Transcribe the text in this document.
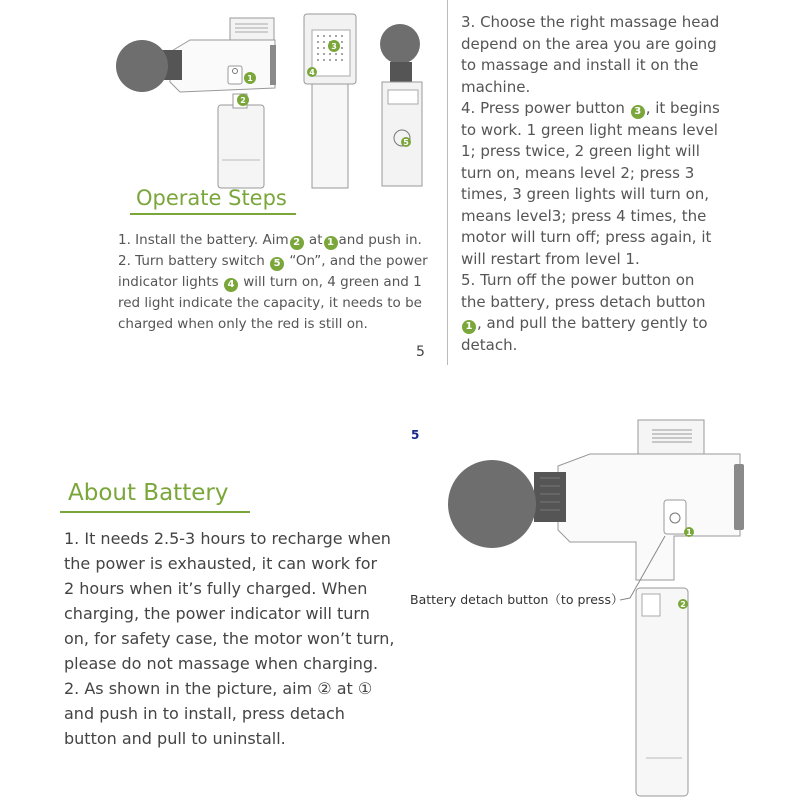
1
2
3
4
5
Operate Steps
1. Install the battery. Aim 2 at 1 and push in.
2. Turn battery switch 5 “On”, and the power
indicator lights 4 will turn on, 4 green and 1
red light indicate the capacity, it needs to be
charged when only the red is still on.
5
3. Choose the right massage head
depend on the area you are going
to massage and install it on the
machine.
4. Press power button 3 , it begins
to work. 1 green light means level
1; press twice, 2 green light will
turn on, means level 2; press 3
times, 3 green lights will turn on,
means level3; press 4 times, the
motor will turn off; press again, it
will restart from level 1.
5. Turn off the power button on
the battery, press detach button
1 , and pull the battery gently to
detach.
5
About Battery
1. It needs 2.5-3 hours to recharge when
the power is exhausted, it can work for
2 hours when it’s fully charged. When
charging, the power indicator will turn
on, for safety case, the motor won’t turn,
please do not massage when charging.
2. As shown in the picture, aim ② at ①
and push in to install, press detach
button and pull to uninstall.
1
2
Battery detach button（to press）
